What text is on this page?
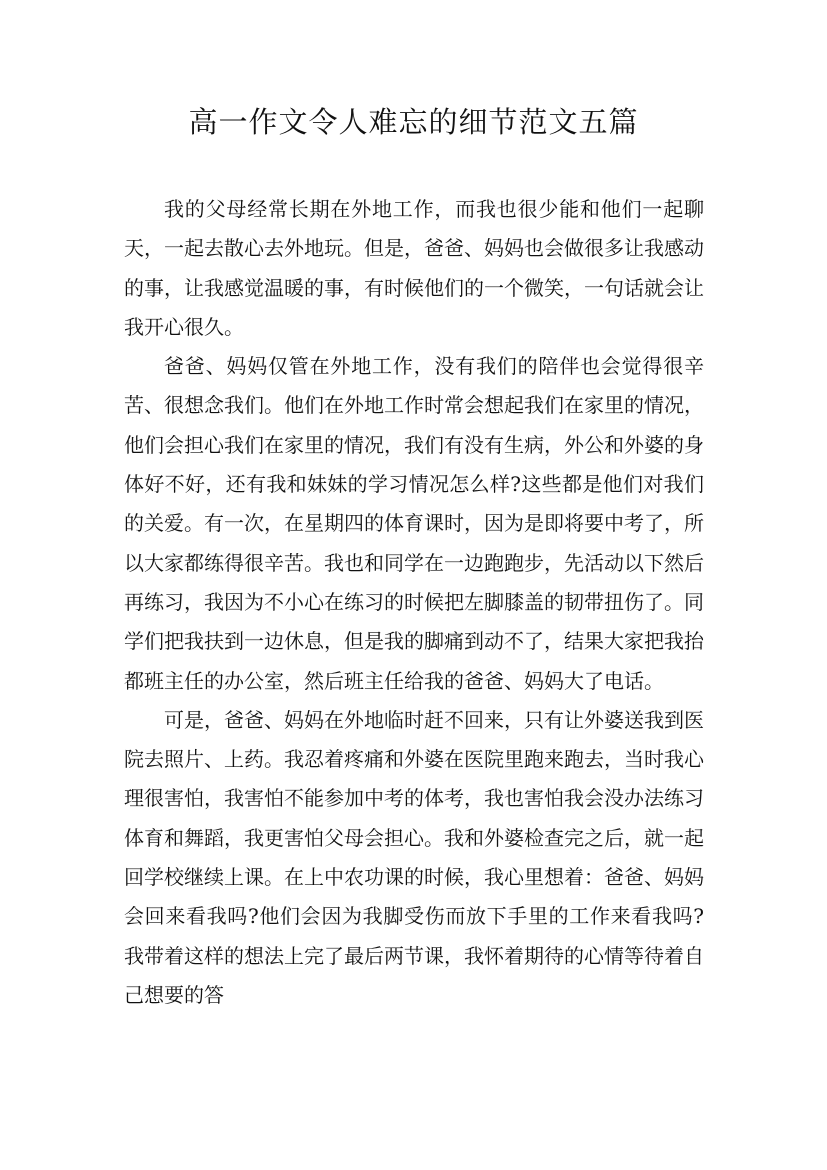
高一作文令人难忘的细节范文五篇

我的父母经常长期在外地工作，而我也很少能和他们一起聊天，一起去散心去外地玩。但是，爸爸、妈妈也会做很多让我感动的事，让我感觉温暖的事，有时候他们的一个微笑，一句话就会让我开心很久。

爸爸、妈妈仅管在外地工作，没有我们的陪伴也会觉得很辛苦、很想念我们。他们在外地工作时常会想起我们在家里的情况，他们会担心我们在家里的情况，我们有没有生病，外公和外婆的身体好不好，还有我和妹妹的学习情况怎么样?这些都是他们对我们的关爱。有一次，在星期四的体育课时，因为是即将要中考了，所以大家都练得很辛苦。我也和同学在一边跑跑步，先活动以下然后再练习，我因为不小心在练习的时候把左脚膝盖的韧带扭伤了。同学们把我扶到一边休息，但是我的脚痛到动不了，结果大家把我抬都班主任的办公室，然后班主任给我的爸爸、妈妈大了电话。

可是，爸爸、妈妈在外地临时赶不回来，只有让外婆送我到医院去照片、上药。我忍着疼痛和外婆在医院里跑来跑去，当时我心理很害怕，我害怕不能参加中考的体考，我也害怕我会没办法练习体育和舞蹈，我更害怕父母会担心。我和外婆检查完之后，就一起回学校继续上课。在上中农功课的时候，我心里想着：爸爸、妈妈会回来看我吗?他们会因为我脚受伤而放下手里的工作来看我吗?我带着这样的想法上完了最后两节课，我怀着期待的心情等待着自己想要的答
